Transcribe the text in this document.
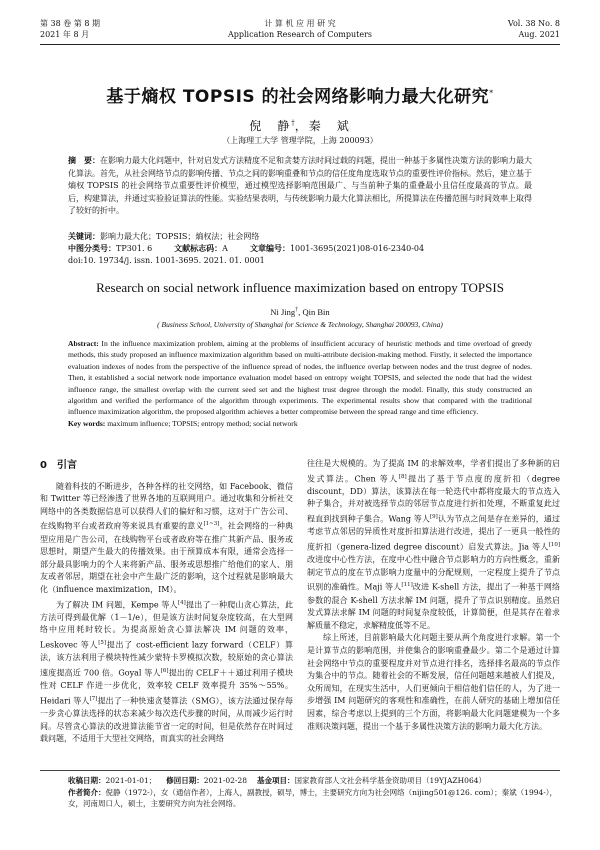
第 38 卷 第 8 期
2021 年 8 月
计 算 机 应 用 研 究
Application Research of Computers
Vol. 38 No. 8
Aug. 2021
基于熵权 TOPSIS 的社会网络影响力最大化研究*
倪　静†，秦　斌
（上海理工大学 管理学院，上海 200093）
摘　要：在影响力最大化问题中，针对启发式方法精度不足和贪婪方法时间过载的问题，提出一种基于多属性决策方法的影响力最大化算法。首先，从社会网络节点的影响传播、节点之间的影响重叠和节点的信任度角度选取节点的重要性评价指标。然后，建立基于熵权 TOPSIS 的社会网络节点重要性评价模型，通过模型选择影响范围最广、与当前种子集的重叠最小且信任度最高的节点。最后，构建算法，并通过实验验证算法的性能。实验结果表明，与传统影响力最大化算法相比，所提算法在传播范围与时间效率上取得了较好的折中。
关键词：影响力最大化；TOPSIS；熵权法；社会网络
中图分类号：TP301. 6	文献标志码：A	文章编号：1001-3695(2021)08-016-2340-04
doi:10. 19734/j. issn. 1001-3695. 2021. 01. 0001
Research on social network influence maximization based on entropy TOPSIS
Ni Jing†, Qin Bin
( Business School, University of Shanghai for Science & Technology, Shanghai 200093, China)
Abstract: In the influence maximization problem, aiming at the problems of insufficient accuracy of heuristic methods and time overload of greedy methods, this study proposed an influence maximization algorithm based on multi-attribute decision-making method. Firstly, it selected the importance evaluation indexes of nodes from the perspective of the influence spread of nodes, the influence overlap between nodes and the trust degree of nodes. Then, it established a social network node importance evaluation model based on entropy weight TOPSIS, and selected the node that had the widest influence range, the smallest overlap with the current seed set and the highest trust degree through the model. Finally, this study constructed an algorithm and verified the performance of the algorithm through experiments. The experimental results show that compared with the traditional influence maximization algorithm, the proposed algorithm achieves a better compromise between the spread range and time efficiency.
Key words: maximum influence; TOPSIS; entropy method; social network
0　引言

随着科技的不断进步，各种各样的社交网络，如 Facebook、微信和 Twitter 等已经渗透了世界各地的互联网用户。通过收集和分析社交网络中的各类数据信息可以获得人们的偏好和习惯，这对于广告公司、在线购物平台或者政府等来说具有重要的意义[1~3]。社会网络的一种典型应用是广告公司，在线购物平台或者政府等在推广其新产品、服务或思想时，期望产生最大的传播效果。由于预算成本有限，通常会选择一部分最具影响力的个人来将新产品、服务或思想推广给他们的家人、朋友或者邻居，期望在社会中产生最广泛的影响，这个过程就是影响最大化（influence maximization，IM）。

为了解决 IM 问题，Kempe 等人[4]提出了一种爬山贪心算法，此方法可得到最优解（1－1/e），但是该方法时间复杂度较高，在大型网络中应用耗时较长。为提高原始贪心算法解决 IM 问题的效率，Leskovec 等人[5]提出了 cost-efficient lazy forward（CELF）算法，该方法利用子模块特性减少蒙特卡罗模拟次数，较原始的贪心算法速度提高近 700 倍。Goyal 等人[6]提出的 CELF＋＋通过利用子模块性对 CELF 作进一步优化，效率较 CELF 效率提升 35%～55%。Heidari 等人[7]提出了一种快速贪婪算法（SMG），该方法通过保存每一步贪心算法选择的状态来减少每次迭代步骤的时间，从而减少运行时间。尽管贪心算法的改进算法能节省一定的时间，但是依然存在时间过载问题，不适用于大型社交网络，而真实的社会网络

往往是大规模的。为了提高 IM 的求解效率，学者们提出了多种新的启发式算法。Chen 等人[8]提出了基于节点度的度折扣（degree discount，DD）算法，该算法在每一轮迭代中都将度最大的节点选入种子集合，并对被选择节点的邻居节点度进行折扣处理，不断重复此过程直到找到种子集合。Wang 等人[9]认为节点之间是存在差异的，通过考虑节点邻居的异质性对度折扣算法进行改进，提出了一更具一般性的度折扣（genera-lized degree discount）启发式算法。Jia 等人[10]改进度中心性方法，在度中心性中融合节点影响力的方向性概念，重新制定节点的度在节点影响力度量中的分配规则，一定程度上提升了节点识别的准确性。Maji 等人[11]改进 K-shell 方法，提出了一种基于网络参数的混合 K-shell 方法求解 IM 问题，提升了节点识别精度。虽然启发式算法求解 IM 问题的时间复杂度较低，计算简便，但是其存在着求解质量不稳定，求解精度低等不足。

综上所述，目前影响最大化问题主要从两个角度进行求解。第一个是计算节点的影响范围，并使集合的影响重叠最少。第二个是通过计算社会网络中节点的重要程度并对节点进行排名，选择排名最高的节点作为集合中的节点。随着社会的不断发展，信任问题越来越被人们提及，众所周知，在现实生活中，人们更倾向于相信他们信任的人，为了进一步增强 IM 问题研究的客观性和准确性，在前人研究的基础上增加信任因素，综合考虑以上提到的三个方面，将影响最大化问题建模为一个多准则决策问题，提出一个基于多属性决策方法的影响力最大化方法。

收稿日期：2021-01-01； 修回日期：2021-02-28 基金项目：国家教育部人文社会科学基金资助项目（19YJAZH064）
作者简介：倪静（1972-），女（通信作者），上海人，副教授，硕导，博士，主要研究方向为社会网络（nijing501@126. com）；秦斌（1994-），女，河南周口人，硕士，主要研究方向为社会网络。
